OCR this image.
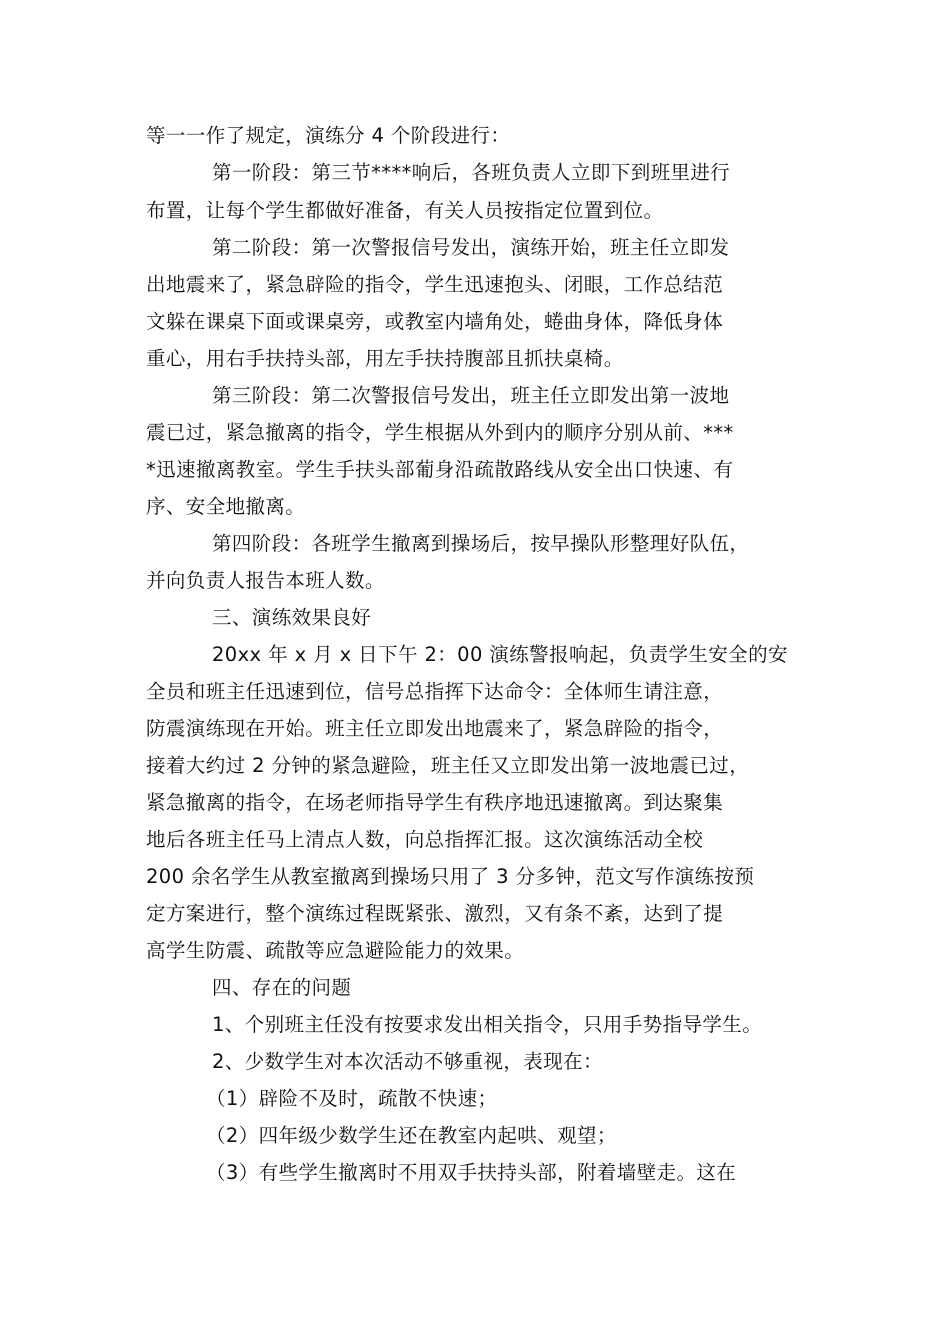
等一一作了规定，演练分 4 个阶段进行：
第一阶段：第三节****响后，各班负责人立即下到班里进行
布置，让每个学生都做好准备，有关人员按指定位置到位。
第二阶段：第一次警报信号发出，演练开始，班主任立即发
出地震来了，紧急辟险的指令，学生迅速抱头、闭眼，工作总结范
文躲在课桌下面或课桌旁，或教室内墙角处，蜷曲身体，降低身体
重心，用右手扶持头部，用左手扶持腹部且抓扶桌椅。
第三阶段：第二次警报信号发出，班主任立即发出第一波地
震已过，紧急撤离的指令，学生根据从外到内的顺序分别从前、***
*迅速撤离教室。学生手扶头部葡身沿疏散路线从安全出口快速、有
序、安全地撤离。
第四阶段：各班学生撤离到操场后，按早操队形整理好队伍，
并向负责人报告本班人数。
三、演练效果良好
20xx 年 x 月 x 日下午 2：00 演练警报响起，负责学生安全的安
全员和班主任迅速到位，信号总指挥下达命令：全体师生请注意，
防震演练现在开始。班主任立即发出地震来了，紧急辟险的指令，
接着大约过 2 分钟的紧急避险，班主任又立即发出第一波地震已过，
紧急撤离的指令，在场老师指导学生有秩序地迅速撤离。到达聚集
地后各班主任马上清点人数，向总指挥汇报。这次演练活动全校
200 余名学生从教室撤离到操场只用了 3 分多钟，范文写作演练按预
定方案进行，整个演练过程既紧张、激烈，又有条不紊，达到了提
高学生防震、疏散等应急避险能力的效果。
四、存在的问题
1、个别班主任没有按要求发出相关指令，只用手势指导学生。
2、少数学生对本次活动不够重视，表现在：
（1）辟险不及时，疏散不快速；
（2）四年级少数学生还在教室内起哄、观望；
（3）有些学生撤离时不用双手扶持头部，附着墙壁走。这在
